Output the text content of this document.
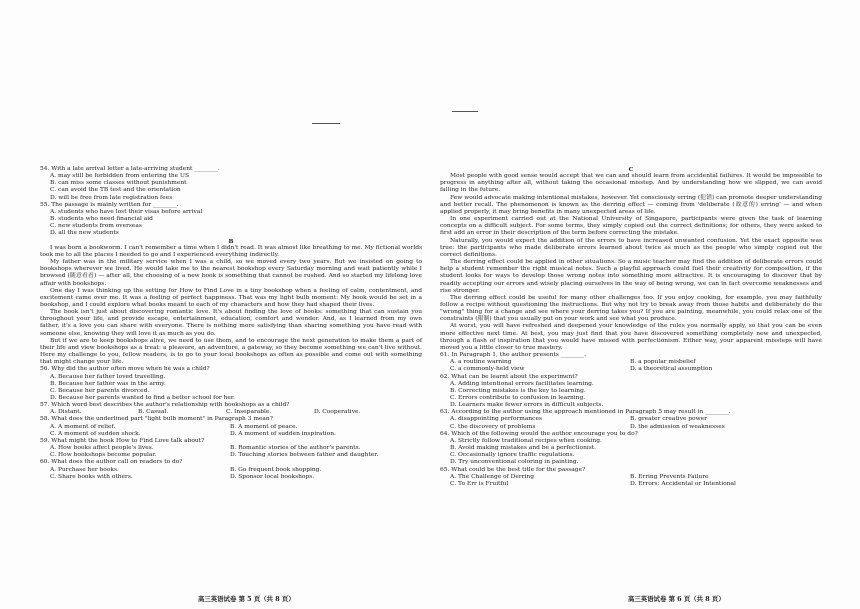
54. With a late arrival letter a late-arriving student ________.
A. may still be forbidden from entering the US
B. can miss some classes without punishment
C. can avoid the TB test and the orientation
D. will be free from late registration fees
55. The passage is mainly written for ________.
A. students who have lost their visas before arrival
B. students who need financial aid
C. new students from overseas
D. all the new students
B

I was born a bookworm. I can't remember a time when I didn't read. It was almost like breathing to me. My fictional worlds took me to all the places I needed to go and I experienced everything indirectly.

My father was in the military service when I was a child, so we moved every two years. But we insisted on going to bookshops wherever we lived. He would take me to the nearest bookshop every Saturday morning and wait patiently while I browsed (随意看看) — after all, the choosing of a new book is something that cannot be rushed. And so started my lifelong love affair with bookshops.

One day I was thinking up the setting for How to Find Love in a tiny bookshop when a feeling of calm, contentment, and excitement came over me. It was a feeling of perfect happiness. That was my light bulb moment: My book would be set in a bookshop, and I could explore what books meant to each of my characters and how they had shaped their lives.

The book isn't just about discovering romantic love. It's about finding the love of books: something that can sustain you throughout your life, and provide escape, entertainment, education, comfort and wonder. And, as I learned from my own father, it's a love you can share with everyone. There is nothing more satisfying than sharing something you have read with someone else, knowing they will love it as much as you do.

But if we are to keep bookshops alive, we need to use them, and to encourage the next generation to make them a part of their life and view bookshops as a treat: a pleasure, an adventure, a gateway, so they become something we can't live without. Here my challenge to you, fellow readers, is to go to your local bookshops as often as possible and come out with something that might change your life.

56. Why did the author often move when he was a child?
A. Because her father loved travelling.
B. Because her father was in the army.
C. Because her parents divorced.
D. Because her parents wanted to find a better school for her.
57. Which word best describes the author's relationship with bookshops as a child?
A. Distant.	B. Casual.	C. Inseparable.	D. Cooperative.
58. What does the underlined part "light bulb moment" in Paragraph 3 mean?
A. A moment of relief.	B. A moment of peace.
C. A moment of sudden shock.	D. A moment of sudden inspiration.
59. What might the book How to Find Love talk about?
A. How books affect people's lives.	B. Romantic stories of the author's parents.
C. How bookshops become popular.	D. Touching stories between father and daughter.
60. What does the author call on readers to do?
A. Purchase her books.	B. Go frequent book shopping.
C. Share books with others.	D. Sponsor local bookshops.
C

Most people with good sense would accept that we can and should learn from accidental failures. It would be impossible to progress in anything after all, without taking the occasional misstep. And by understanding how we slipped, we can avoid falling in the future.

Few would advocate making intentional mistakes, however. Yet consciously erring (犯错) can promote deeper understanding and better recall. The phenomenon is known as the derring effect — coming from 'deliberate (故意的) erring' — and when applied properly, it may bring benefits in many unexpected areas of life.

In one experiment carried out at the National University of Singapore, participants were given the task of learning concepts on a difficult subject. For some terms, they simply copied out the correct definitions; for others, they were asked to first add an error in their description of the term before correcting the mistake.

Naturally, you would expect the addition of the errors to have increased unwanted confusion. Yet the exact opposite was true: the participants who made deliberate errors learned about twice as much as the people who simply copied out the correct definitions.

The derring effect could be applied in other situations. So a music teacher may find the addition of deliberate errors could help a student remember the right musical notes. Such a playful approach could fuel their creativity for composition, if the student looks for ways to develop those wrong notes into something more attractive. It is encouraging to discover that by readily accepting our errors and wisely placing ourselves in the way of being wrong, we can in fact overcome weaknesses and rise stronger.

The derring effect could be useful for many other challenges too. If you enjoy cooking, for example, you may faithfully follow a recipe without questioning the instructions. But why not try to break away from those habits and deliberately do the "wrong" thing for a change and see where your derring takes you? If you are painting, meanwhile, you could relax one of the constraints (限制) that you usually put on your work and see what you produce.

At worst, you will have refreshed and deepened your knowledge of the rules you normally apply, so that you can be even more effective next time. At best, you may just find that you have discovered something completely new and unexpected, through a flash of inspiration that you would have missed with perfectionism. Either way, your apparent missteps will have moved you a little closer to true mastery.

61. In Paragraph 1, the author presents ________.
A. a routine warning	B. a popular misbelief
C. a commonly-held view	D. a theoretical assumption
62. What can be learnt about the experiment?
A. Adding intentional errors facilitates learning.
B. Correcting mistakes is the key to learning.
C. Errors contribute to confusion in learning.
D. Learners make fewer errors in difficult subjects.
63. According to the author using the approach mentioned in Paragraph 5 may result in ________.
A. disappointing performances	B. greater creative power
C. the discovery of problems	D. the admission of weaknesses
64. Which of the following would the author encourage you to do?
A. Strictly follow traditional recipes when cooking.
B. Avoid making mistakes and be a perfectionist.
C. Occasionally ignore traffic regulations.
D. Try unconventional coloring in painting.
65. What could be the best title for the passage?
A. The Challenge of Derring	B. Erring Prevents Failure
C. To Err is Fruitful	D. Errors: Accidental or Intentional
高三英语试卷 第 5 页（共 8 页）	高三英语试卷 第 6 页（共 8 页）
